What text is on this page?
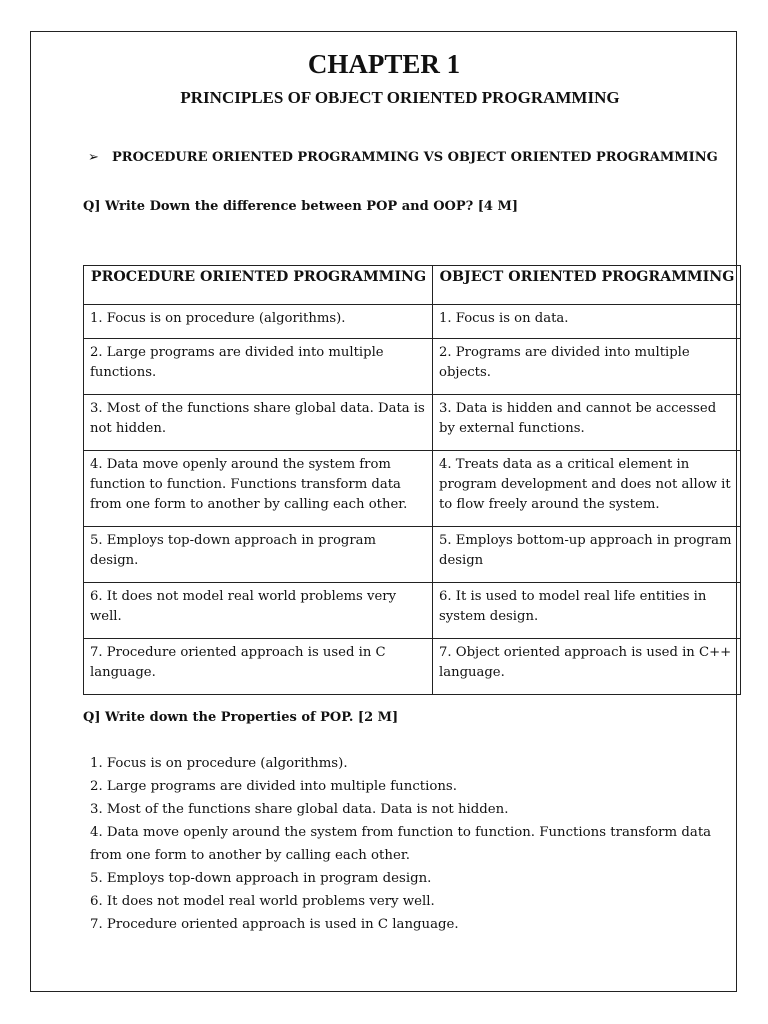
CHAPTER 1
PRINCIPLES OF OBJECT ORIENTED PROGRAMMING
➢ PROCEDURE ORIENTED PROGRAMMING VS OBJECT ORIENTED PROGRAMMING
Q] Write Down the difference between POP and OOP? [4 M]
PROCEDURE ORIENTED PROGRAMMING	OBJECT ORIENTED PROGRAMMING
1. Focus is on procedure (algorithms).	1. Focus is on data.
2. Large programs are divided into multiple functions.	2. Programs are divided into multiple objects.
3. Most of the functions share global data. Data is not hidden.	3. Data is hidden and cannot be accessed by external functions.
4. Data move openly around the system from function to function. Functions transform data from one form to another by calling each other.	4. Treats data as a critical element in program development and does not allow it to flow freely around the system.
5. Employs top-down approach in program design.	5. Employs bottom-up approach in program design
6. It does not model real world problems very well.	6. It is used to model real life entities in system design.
7. Procedure oriented approach is used in C language.	7. Object oriented approach is used in C++ language.
Q] Write down the Properties of POP. [2 M]
1. Focus is on procedure (algorithms).
2. Large programs are divided into multiple functions.
3. Most of the functions share global data. Data is not hidden.
4. Data move openly around the system from function to function. Functions transform data from one form to another by calling each other.
5. Employs top-down approach in program design.
6. It does not model real world problems very well.
7. Procedure oriented approach is used in C language.
